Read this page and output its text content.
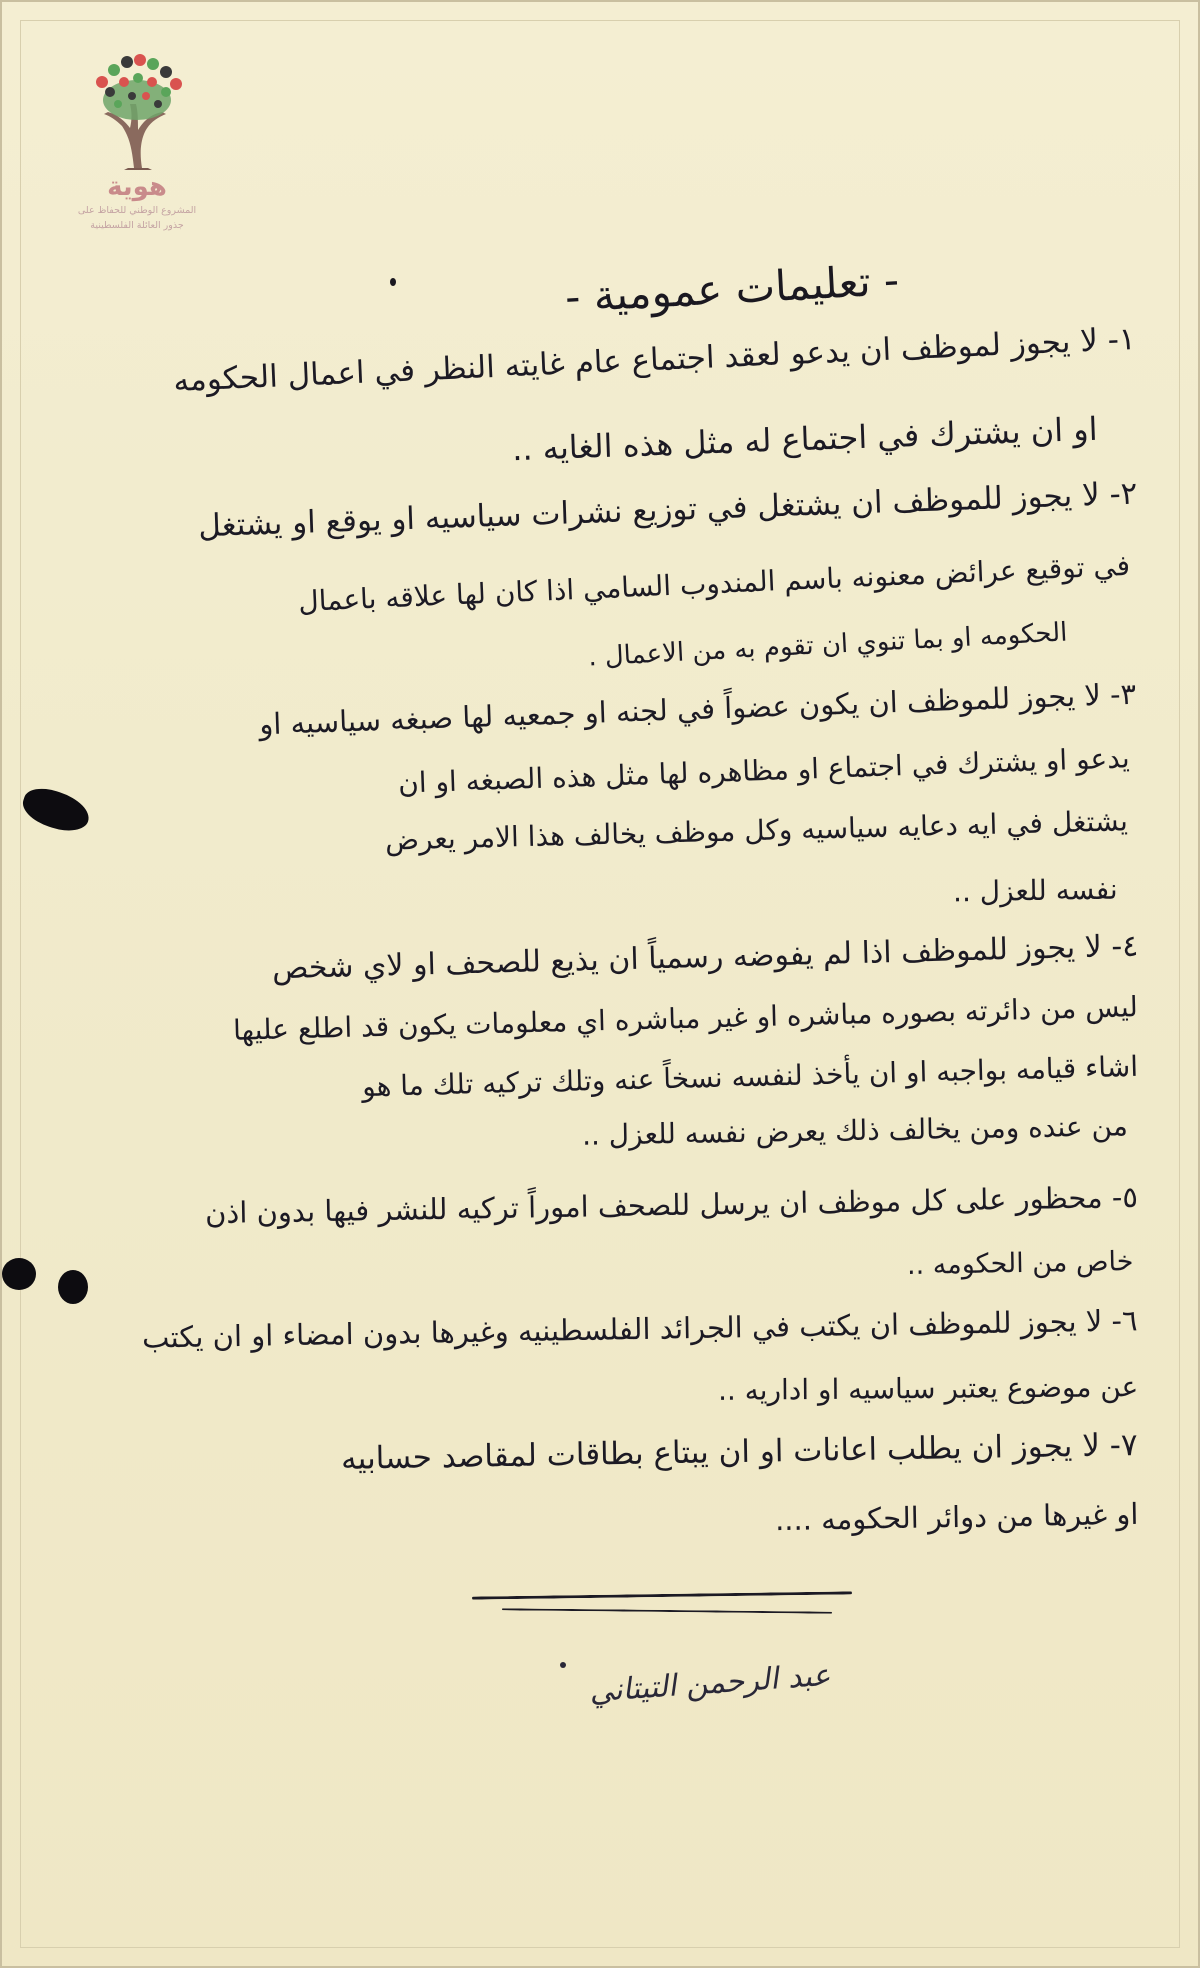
هوية
المشروع الوطني للحفاظ على
جذور العائلة الفلسطينية
- تعليمات عمومية -
١- لا يجوز لموظف ان يدعو لعقد اجتماع عام غايته النظر في اعمال الحكومه
او ان يشترك في اجتماع له مثل هذه الغايه ..
٢- لا يجوز للموظف ان يشتغل في توزيع نشرات سياسيه او يوقع او يشتغل
في توقيع عرائض معنونه باسم المندوب السامي اذا كان لها علاقه باعمال
الحكومه او بما تنوي ان تقوم به من الاعمال .
٣- لا يجوز للموظف ان يكون عضواً في لجنه او جمعيه لها صبغه سياسيه او
يدعو او يشترك في اجتماع او مظاهره لها مثل هذه الصبغه او ان
يشتغل في ايه دعايه سياسيه وكل موظف يخالف هذا الامر يعرض
نفسه للعزل ..
٤- لا يجوز للموظف اذا لم يفوضه رسمياً ان يذيع للصحف او لاي شخص
ليس من دائرته بصوره مباشره او غير مباشره اي معلومات يكون قد اطلع عليها
اشاء قيامه بواجبه او ان يأخذ لنفسه نسخاً عنه وتلك تركيه تلك ما هو
من عنده ومن يخالف ذلك يعرض نفسه للعزل ..
٥- محظور على كل موظف ان يرسل للصحف اموراً تركيه للنشر فيها بدون اذن
خاص من الحكومه ..
٦- لا يجوز للموظف ان يكتب في الجرائد الفلسطينيه وغيرها بدون امضاء او ان يكتب
عن موضوع يعتبر سياسيه او اداريه ..
٧- لا يجوز ان يطلب اعانات او ان يبتاع بطاقات لمقاصد حسابيه
او غيرها من دوائر الحكومه ....
عبد الرحمن التيتاني
